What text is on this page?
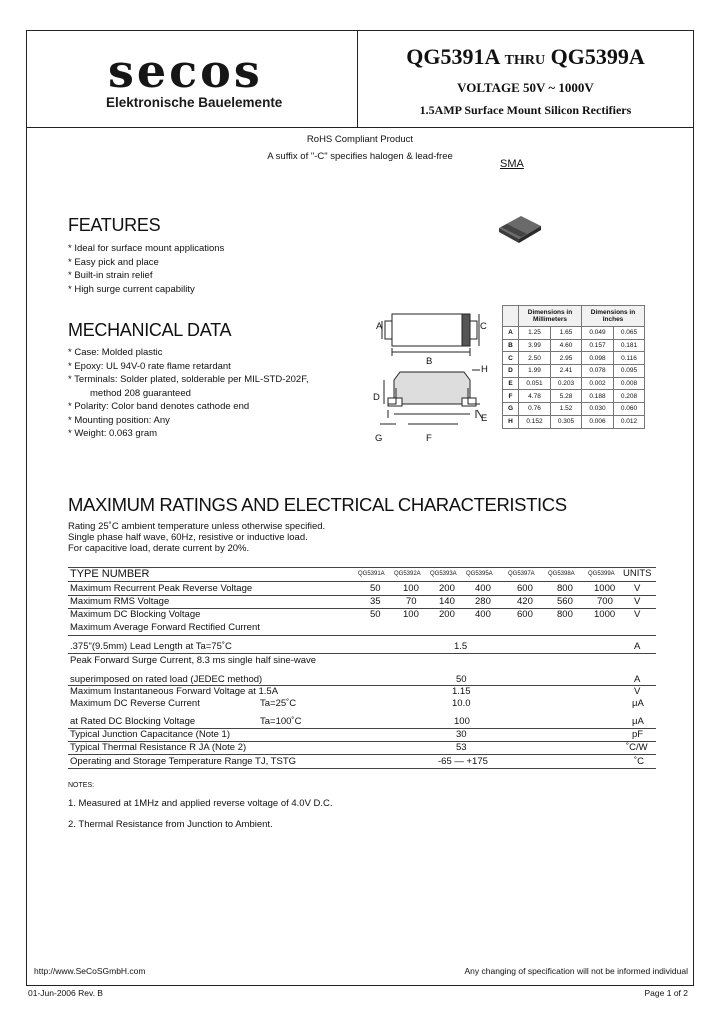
secos
Elektronische Bauelemente
QG5391A THRU QG5399A
VOLTAGE 50V ~ 1000V
1.5AMP Surface Mount Silicon Rectifiers
RoHS Compliant Product
A suffix of "-C" specifies halogen & lead-free
SMA
FEATURES
* Ideal for surface mount applications
* Easy pick and place
* Built-in strain relief
* High surge current capability
MECHANICAL DATA
* Case: Molded plastic
* Epoxy: UL 94V-0 rate flame retardant
* Terminals: Solder plated, solderable per MIL-STD-202F,
method 208 guaranteed
* Polarity: Color band denotes cathode end
* Mounting position: Any
* Weight: 0.063 gram
A	C
B
H
D
E
G	F
	Dimensions in Millimeters		Dimensions in Inches	
A	1.25	1.65	0.049	0.065
B	3.99	4.60	0.157	0.181
C	2.50	2.95	0.098	0.116
D	1.99	2.41	0.078	0.095
E	0.051	0.203	0.002	0.008
F	4.78	5.28	0.188	0.208
G	0.76	1.52	0.030	0.060
H	0.152	0.305	0.006	0.012
MAXIMUM RATINGS AND ELECTRICAL CHARACTERISTICS
Rating 25˚C ambient temperature unless otherwise specified.
Single phase half wave, 60Hz, resistive or inductive load.
For capacitive load, derate current by 20%.
TYPE NUMBER	QG5391A QG5392A QG5393A QG5395A	QG5397A QG5398A QG5399A UNITS
Maximum Recurrent Peak Reverse Voltage	50 100 200 400	600	800 1000 V
Maximum RMS Voltage	35	70 140 280	420	560	700 V
Maximum DC Blocking Voltage	50 100 200 400	600	800 1000 V
Maximum Average Forward Rectified Current
.375"(9.5mm) Lead Length at Ta=75˚C	1.5	A
Peak Forward Surge Current, 8.3 ms single half sine-wave
superimposed on rated load (JEDEC method)	50	A
Maximum Instantaneous Forward Voltage at 1.5A	1.15	V
Maximum DC Reverse Current	Ta=25˚C	10.0	μA
at Rated DC Blocking Voltage	Ta=100˚C	100	μA
Typical Junction Capacitance (Note 1)	30	pF
Typical Thermal Resistance R JA (Note 2)	53	˚C/W
Operating and Storage Temperature Range TJ, TSTG	-65 — +175	˚C
NOTES:
1. Measured at 1MHz and applied reverse voltage of 4.0V D.C.
2. Thermal Resistance from Junction to Ambient.
http://www.SeCoSGmbH.com	Any changing of specification will not be informed individual
01-Jun-2006 Rev. B	Page 1 of 2
